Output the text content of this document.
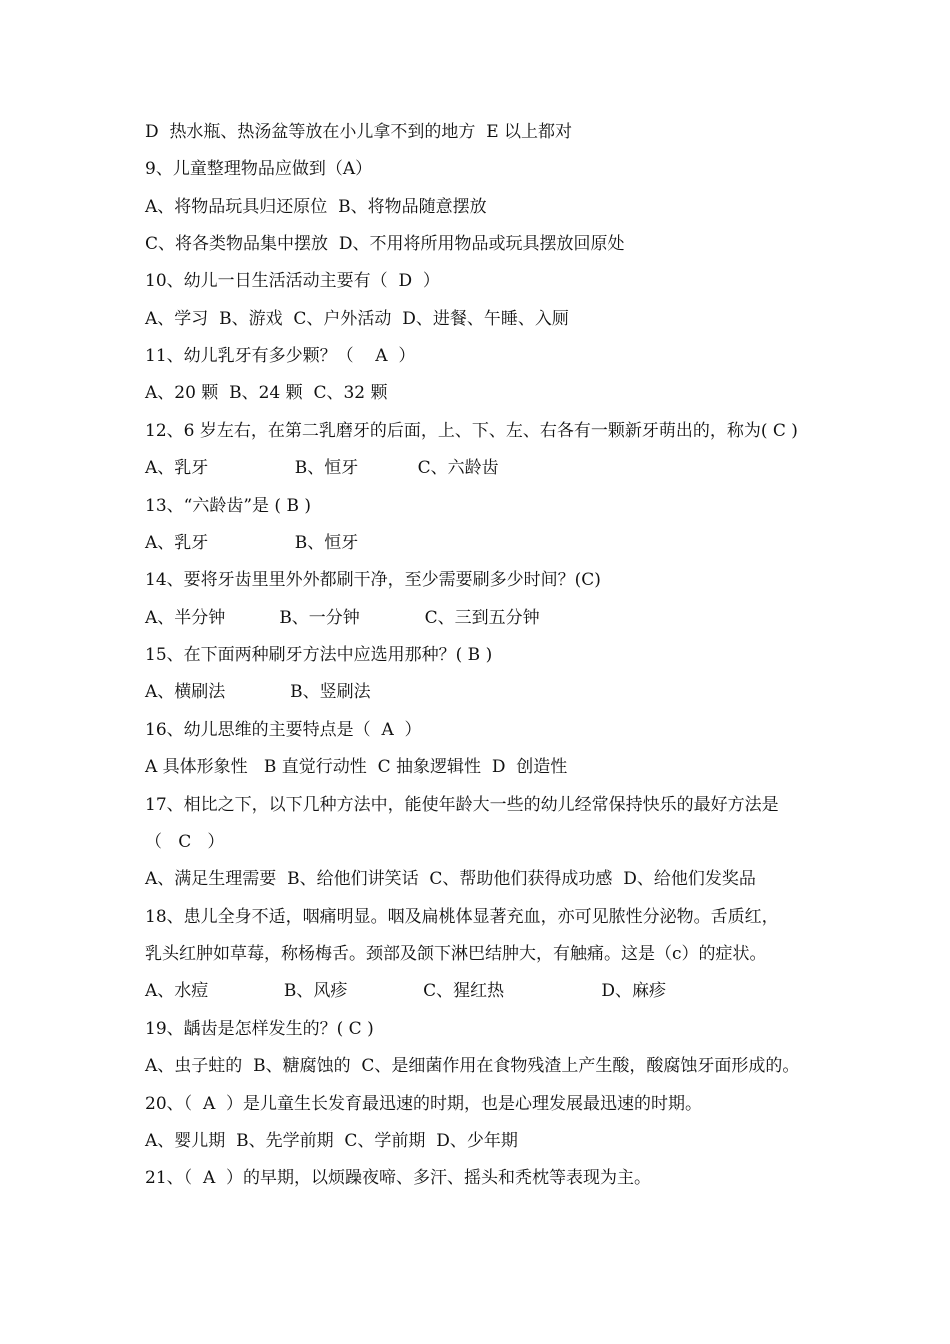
D  热水瓶、热汤盆等放在小儿拿不到的地方  E 以上都对
9、儿童整理物品应做到（A）
A、将物品玩具归还原位  B、将物品随意摆放
C、将各类物品集中摆放  D、不用将所用物品或玩具摆放回原处
10、幼儿一日生活活动主要有（  D  ）
A、学习  B、游戏  C、户外活动  D、进餐、午睡、入厕
11、幼儿乳牙有多少颗？（    A  ）
A、20 颗  B、24 颗  C、32 颗
12、6 岁左右，在第二乳磨牙的后面，上、下、左、右各有一颗新牙萌出的，称为( C )
A、乳牙                B、恒牙           C、六龄齿
13、“六龄齿”是 ( B )
A、乳牙                B、恒牙
14、要将牙齿里里外外都刷干净，至少需要刷多少时间？(C)
A、半分钟          B、一分钟            C、三到五分钟
15、在下面两种刷牙方法中应选用那种？( B )
A、横刷法            B、竖刷法
16、幼儿思维的主要特点是（  A  ）
A 具体形象性   B 直觉行动性  C 抽象逻辑性  D  创造性
17、相比之下，以下几种方法中，能使年龄大一些的幼儿经常保持快乐的最好方法是
（   C   ）
A、满足生理需要  B、给他们讲笑话  C、帮助他们获得成功感  D、给他们发奖品
18、患儿全身不适，咽痛明显。咽及扁桃体显著充血，亦可见脓性分泌物。舌质红，
乳头红肿如草莓，称杨梅舌。颈部及颌下淋巴结肿大，有触痛。这是（c）的症状。
A、水痘              B、风疹              C、猩红热                  D、麻疹
19、龋齿是怎样发生的？( C )
A、虫子蛀的  B、糖腐蚀的  C、是细菌作用在食物残渣上产生酸，酸腐蚀牙面形成的。
20、（  A  ）是儿童生长发育最迅速的时期，也是心理发展最迅速的时期。
A、婴儿期  B、先学前期  C、学前期  D、少年期
21、（  A  ）的早期，以烦躁夜啼、多汗、摇头和秃枕等表现为主。
